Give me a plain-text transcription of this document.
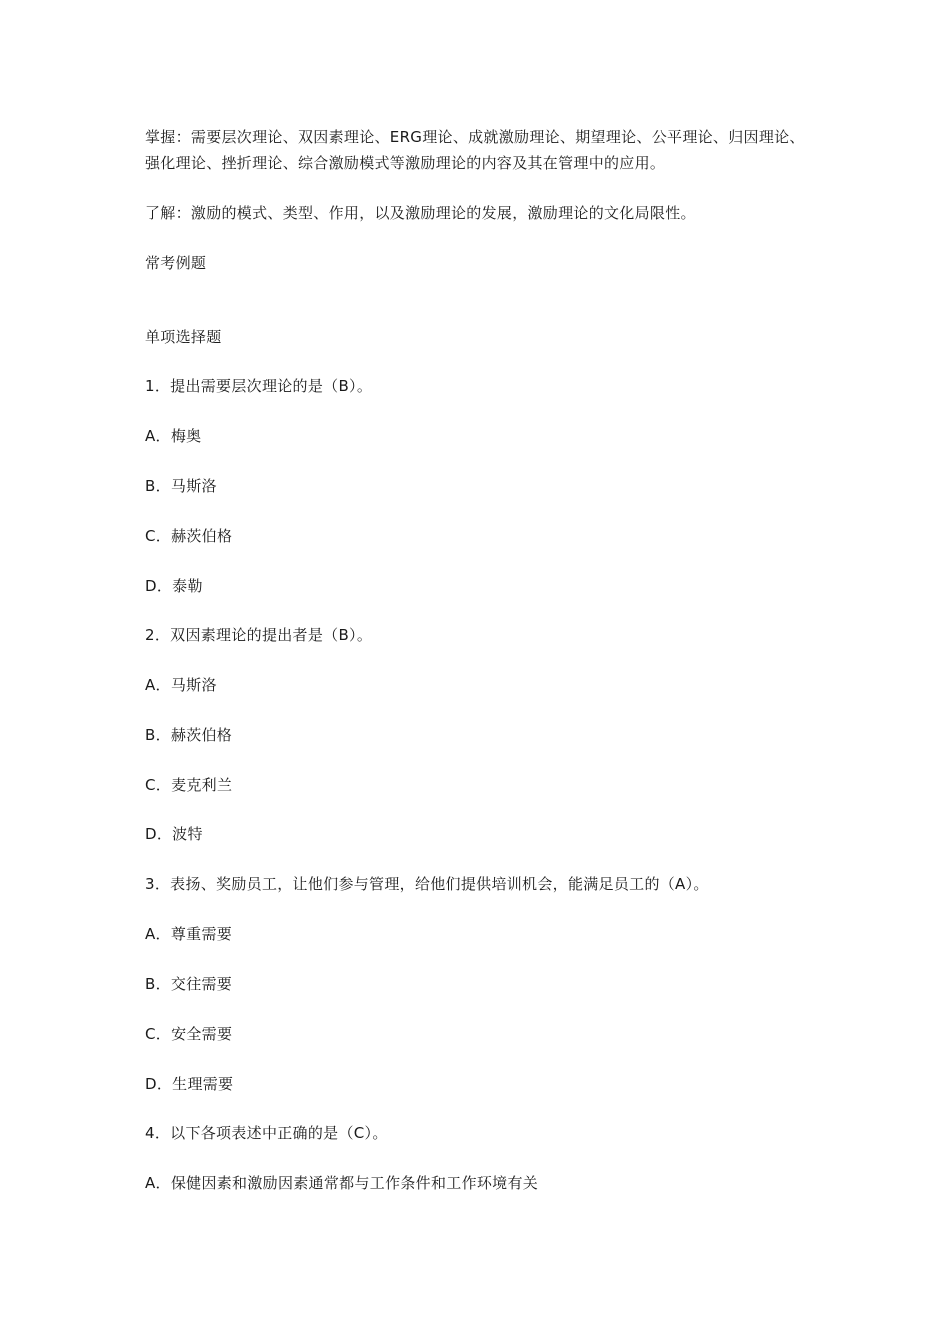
掌握：需要层次理论、双因素理论、ERG理论、成就激励理论、期望理论、公平理论、归因理论、强化理论、挫折理论、综合激励模式等激励理论的内容及其在管理中的应用。
了解：激励的模式、类型、作用，以及激励理论的发展，激励理论的文化局限性。
常考例题
单项选择题
1．提出需要层次理论的是（B）。
A．梅奥
B．马斯洛
C．赫茨伯格
D．泰勒
2．双因素理论的提出者是（B）。
A．马斯洛
B．赫茨伯格
C．麦克利兰
D．波特
3．表扬、奖励员工，让他们参与管理，给他们提供培训机会，能满足员工的（A）。
A．尊重需要
B．交往需要
C．安全需要
D．生理需要
4．以下各项表述中正确的是（C）。
A．保健因素和激励因素通常都与工作条件和工作环境有关
